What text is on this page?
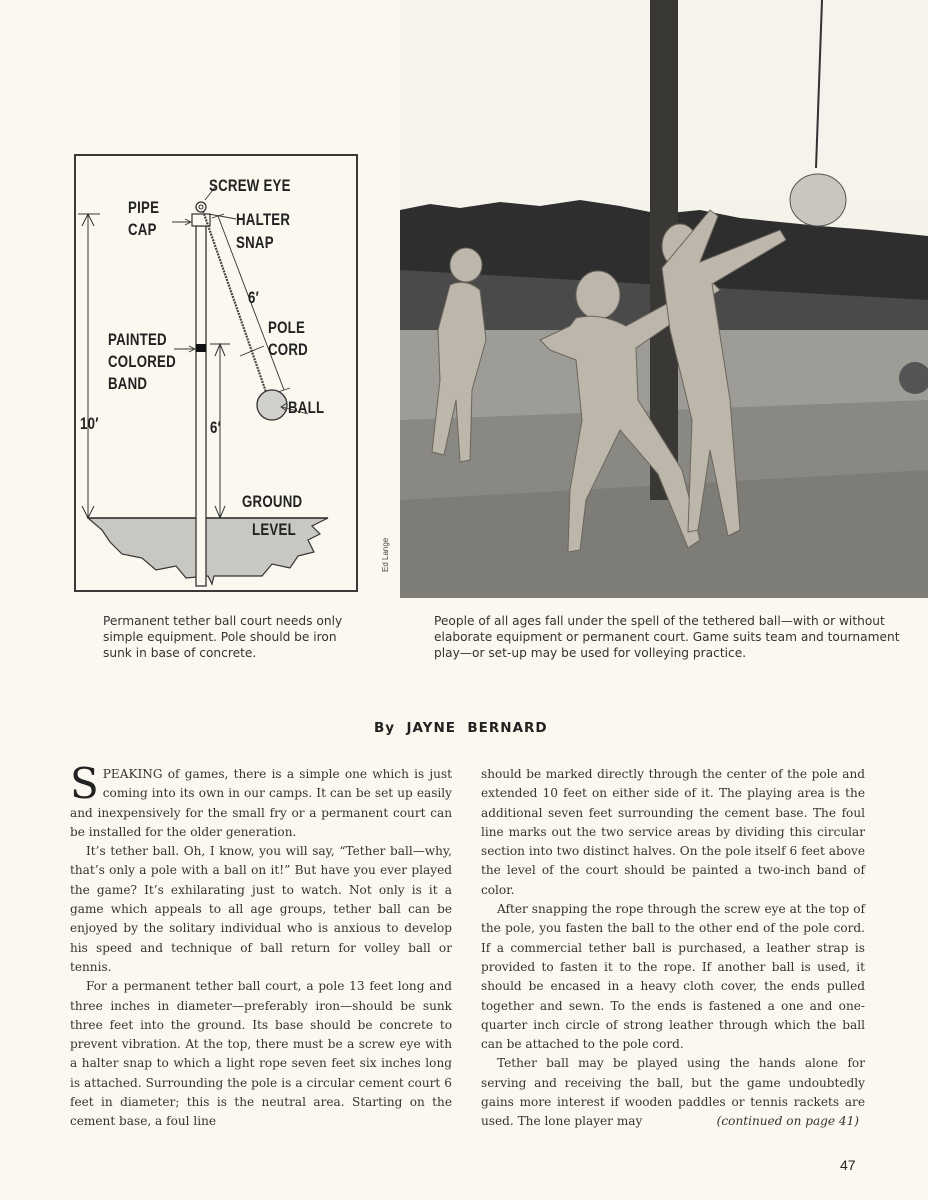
SCREW EYE
PIPE
CAP
HALTER
SNAP
6′
POLE
CORD
PAINTED
COLORED
BAND
BALL
10′	6′
GROUND
LEVEL
Ed Lange
Permanent tether ball court needs only simple equipment. Pole should be iron sunk in base of concrete.
People of all ages fall under the spell of the tethered ball—with or without elaborate equipment or permanent court. Game suits team and tournament play—or set-up may be used for volleying practice.
By  JAYNE  BERNARD

SPEAKING of games, there is a simple one which is just coming into its own in our camps. It can be set up easily and inexpensively for the small fry or a permanent court can be installed for the older generation.

It’s tether ball. Oh, I know, you will say, “Tether ball—why, that’s only a pole with a ball on it!” But have you ever played the game? It’s exhilarating just to watch. Not only is it a game which appeals to all age groups, tether ball can be enjoyed by the solitary individual who is anxious to develop his speed and technique of ball return for volley ball or tennis.

For a permanent tether ball court, a pole 13 feet long and three inches in diameter—preferably iron—should be sunk three feet into the ground. Its base should be concrete to prevent vibration. At the top, there must be a screw eye with a halter snap to which a light rope seven feet six inches long is attached. Surrounding the pole is a circular cement court 6 feet in diameter; this is the neutral area. Starting on the cement base, a foul line

should be marked directly through the center of the pole and extended 10 feet on either side of it. The playing area is the additional seven feet surrounding the cement base. The foul line marks out the two service areas by dividing this circular section into two distinct halves. On the pole itself 6 feet above the level of the court should be painted a two-inch band of color.

After snapping the rope through the screw eye at the top of the pole, you fasten the ball to the other end of the pole cord. If a commercial tether ball is purchased, a leather strap is provided to fasten it to the rope. If another ball is used, it should be encased in a heavy cloth cover, the ends pulled together and sewn. To the ends is fastened a one and one-quarter inch circle of strong leather through which the ball can be attached to the pole cord.

Tether ball may be played using the hands alone for serving and receiving the ball, but the game undoubtedly gains more interest if wooden paddles or tennis rackets are used. The lone player may	(continued on page 41)

47
